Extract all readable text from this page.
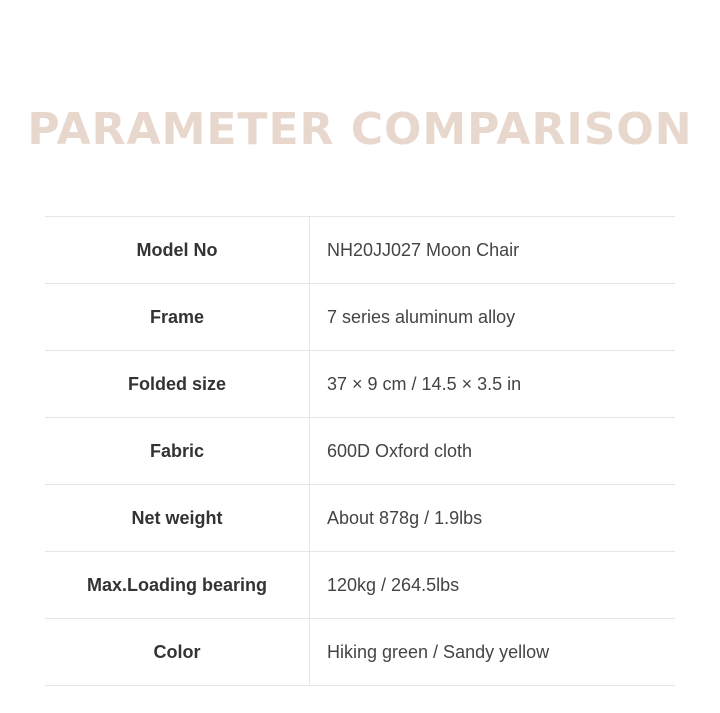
PARAMETER COMPARISON
Model No	NH20JJ027 Moon Chair
Frame	7 series aluminum alloy
Folded size	37 × 9 cm / 14.5 × 3.5 in
Fabric	600D Oxford cloth
Net weight	About 878g / 1.9lbs
Max.Loading bearing	120kg / 264.5lbs
Color	Hiking green / Sandy yellow
